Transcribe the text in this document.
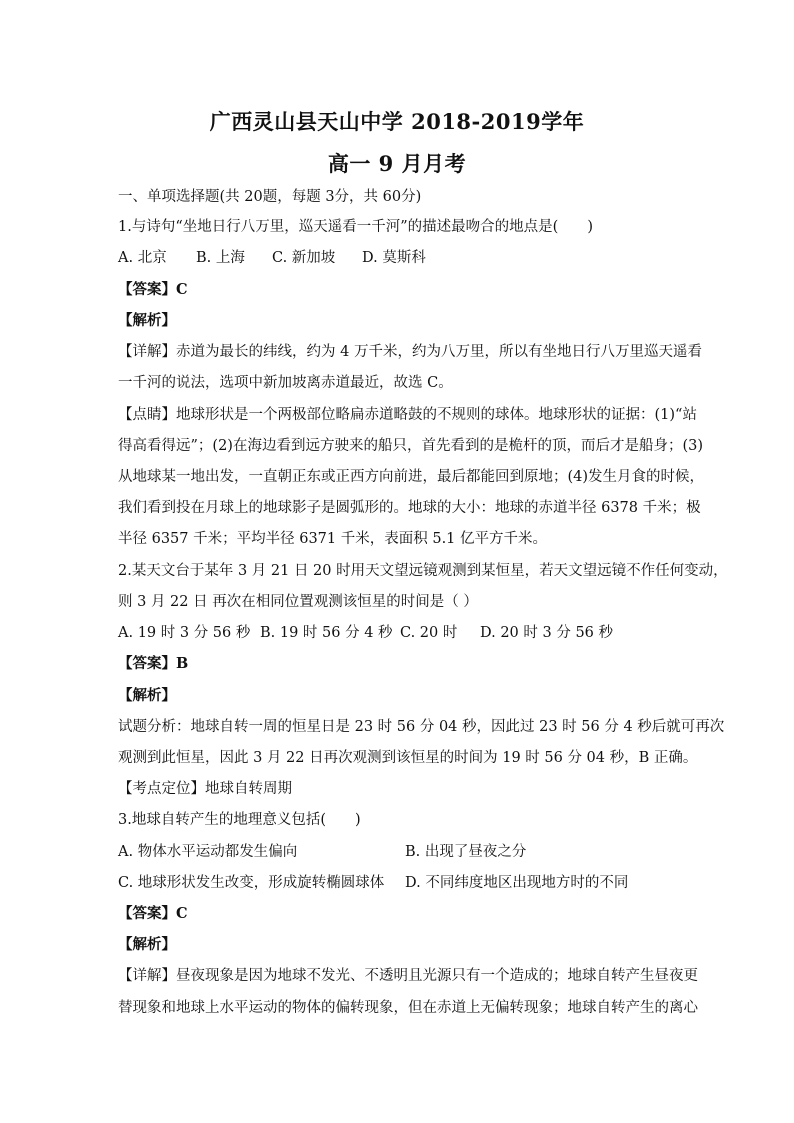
广西灵山县天山中学 2018-2019学年
高一 9 月月考
一、单项选择题(共 20题，每题 3分，共 60分)
1.与诗句“坐地日行八万里，巡天遥看一千河”的描述最吻合的地点是(　　)
A. 北京 B. 上海 C. 新加坡 D. 莫斯科
【答案】C
【解析】
【详解】赤道为最长的纬线，约为 4 万千米，约为八万里，所以有坐地日行八万里巡天遥看
一千河的说法，选项中新加坡离赤道最近，故选 C。
【点睛】地球形状是一个两极部位略扁赤道略鼓的不规则的球体。地球形状的证据：(1)“站
得高看得远”；(2)在海边看到远方驶来的船只，首先看到的是桅杆的顶，而后才是船身；(3)
从地球某一地出发，一直朝正东或正西方向前进，最后都能回到原地；(4)发生月食的时候，
我们看到投在月球上的地球影子是圆弧形的。地球的大小：地球的赤道半径 6378 千米；极
半径 6357 千米；平均半径 6371 千米，表面积 5.1 亿平方千米。
2.某天文台于某年 3 月 21 日 20 时用天文望远镜观测到某恒星，若天文望远镜不作任何变动，
则 3 月 22 日 再次在相同位置观测该恒星的时间是（ ）
A. 19 时 3 分 56 秒 B. 19 时 56 分 4 秒 C. 20 时 D. 20 时 3 分 56 秒
【答案】B
【解析】
试题分析：地球自转一周的恒星日是 23 时 56 分 04 秒，因此过 23 时 56 分 4 秒后就可再次
观测到此恒星，因此 3 月 22 日再次观测到该恒星的时间为 19 时 56 分 04 秒，B 正确。
【考点定位】地球自转周期
3.地球自转产生的地理意义包括(　　)
A. 物体水平运动都发生偏向	B. 出现了昼夜之分
C. 地球形状发生改变，形成旋转椭圆球体 D. 不同纬度地区出现地方时的不同
【答案】C
【解析】
【详解】昼夜现象是因为地球不发光、不透明且光源只有一个造成的；地球自转产生昼夜更
替现象和地球上水平运动的物体的偏转现象，但在赤道上无偏转现象；地球自转产生的离心
